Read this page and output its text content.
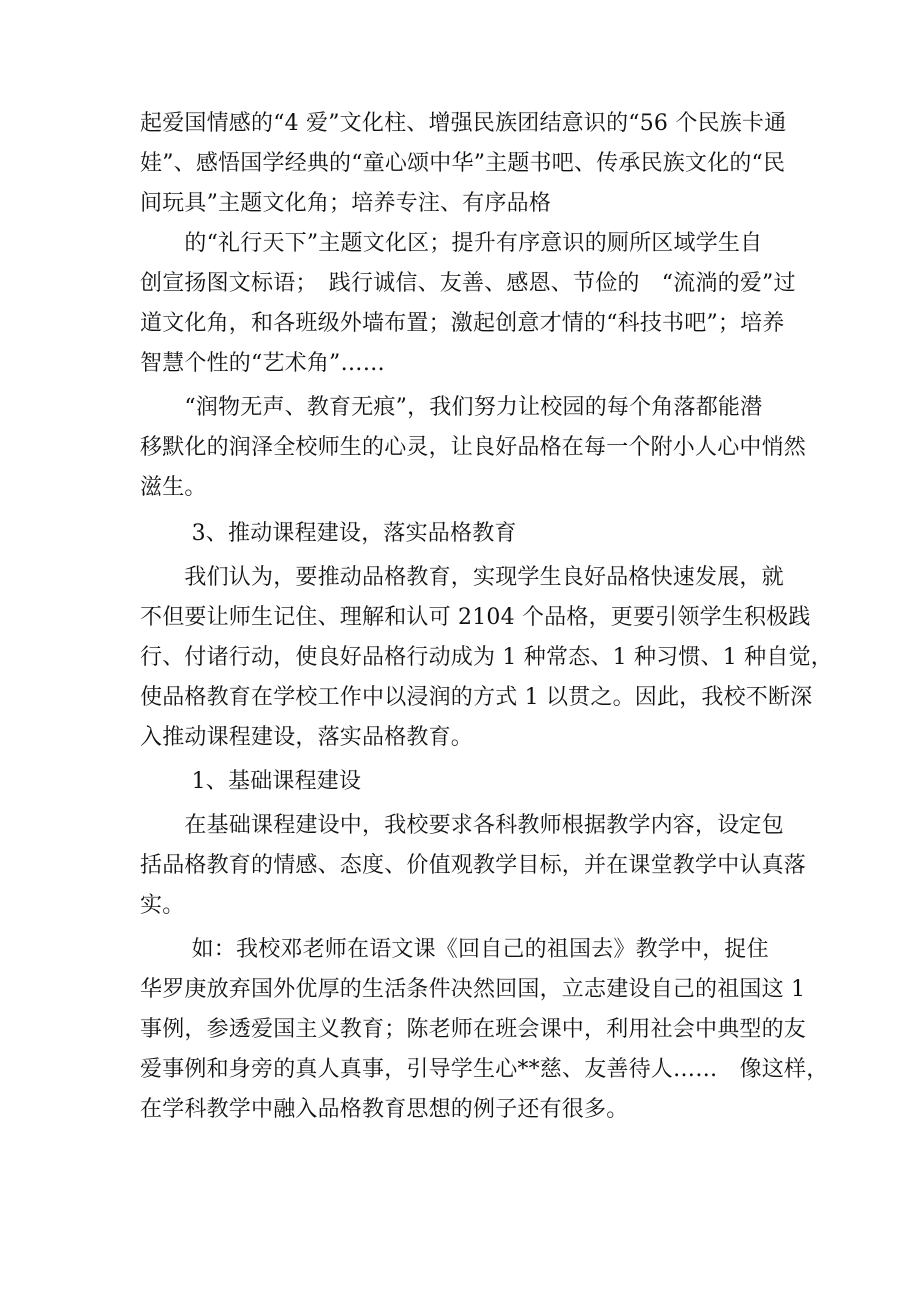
起爱国情感的“4 爱”文化柱、增强民族团结意识的“56 个民族卡通
娃”、感悟国学经典的“童心颂中华”主题书吧、传承民族文化的“民
间玩具”主题文化角；培养专注、有序品格
　　的“礼行天下”主题文化区；提升有序意识的厕所区域学生自
创宣扬图文标语；　践行诚信、友善、感恩、节俭的　“流淌的爱”过
道文化角，和各班级外墙布置；激起创意才情的“科技书吧”；培养
智慧个性的“艺术角”……
　　“润物无声、教育无痕”，我们努力让校园的每个角落都能潜
移默化的润泽全校师生的心灵，让良好品格在每一个附小人心中悄然
滋生。
　　 3、推动课程建设，落实品格教育
　　我们认为，要推动品格教育，实现学生良好品格快速发展，就
不但要让师生记住、理解和认可 2104 个品格，更要引领学生积极践
行、付诸行动，使良好品格行动成为 1 种常态、1 种习惯、1 种自觉，
使品格教育在学校工作中以浸润的方式 1 以贯之。因此，我校不断深
入推动课程建设，落实品格教育。
　　 1、基础课程建设
　　在基础课程建设中，我校要求各科教师根据教学内容，设定包
括品格教育的情感、态度、价值观教学目标，并在课堂教学中认真落
实。
　　 如：我校邓老师在语文课《回自己的祖国去》教学中，捉住
华罗庚放弃国外优厚的生活条件决然回国，立志建设自己的祖国这 1
事例，参透爱国主义教育；陈老师在班会课中，利用社会中典型的友
爱事例和身旁的真人真事，引导学生心**慈、友善待人……　像这样，
在学科教学中融入品格教育思想的例子还有很多。
